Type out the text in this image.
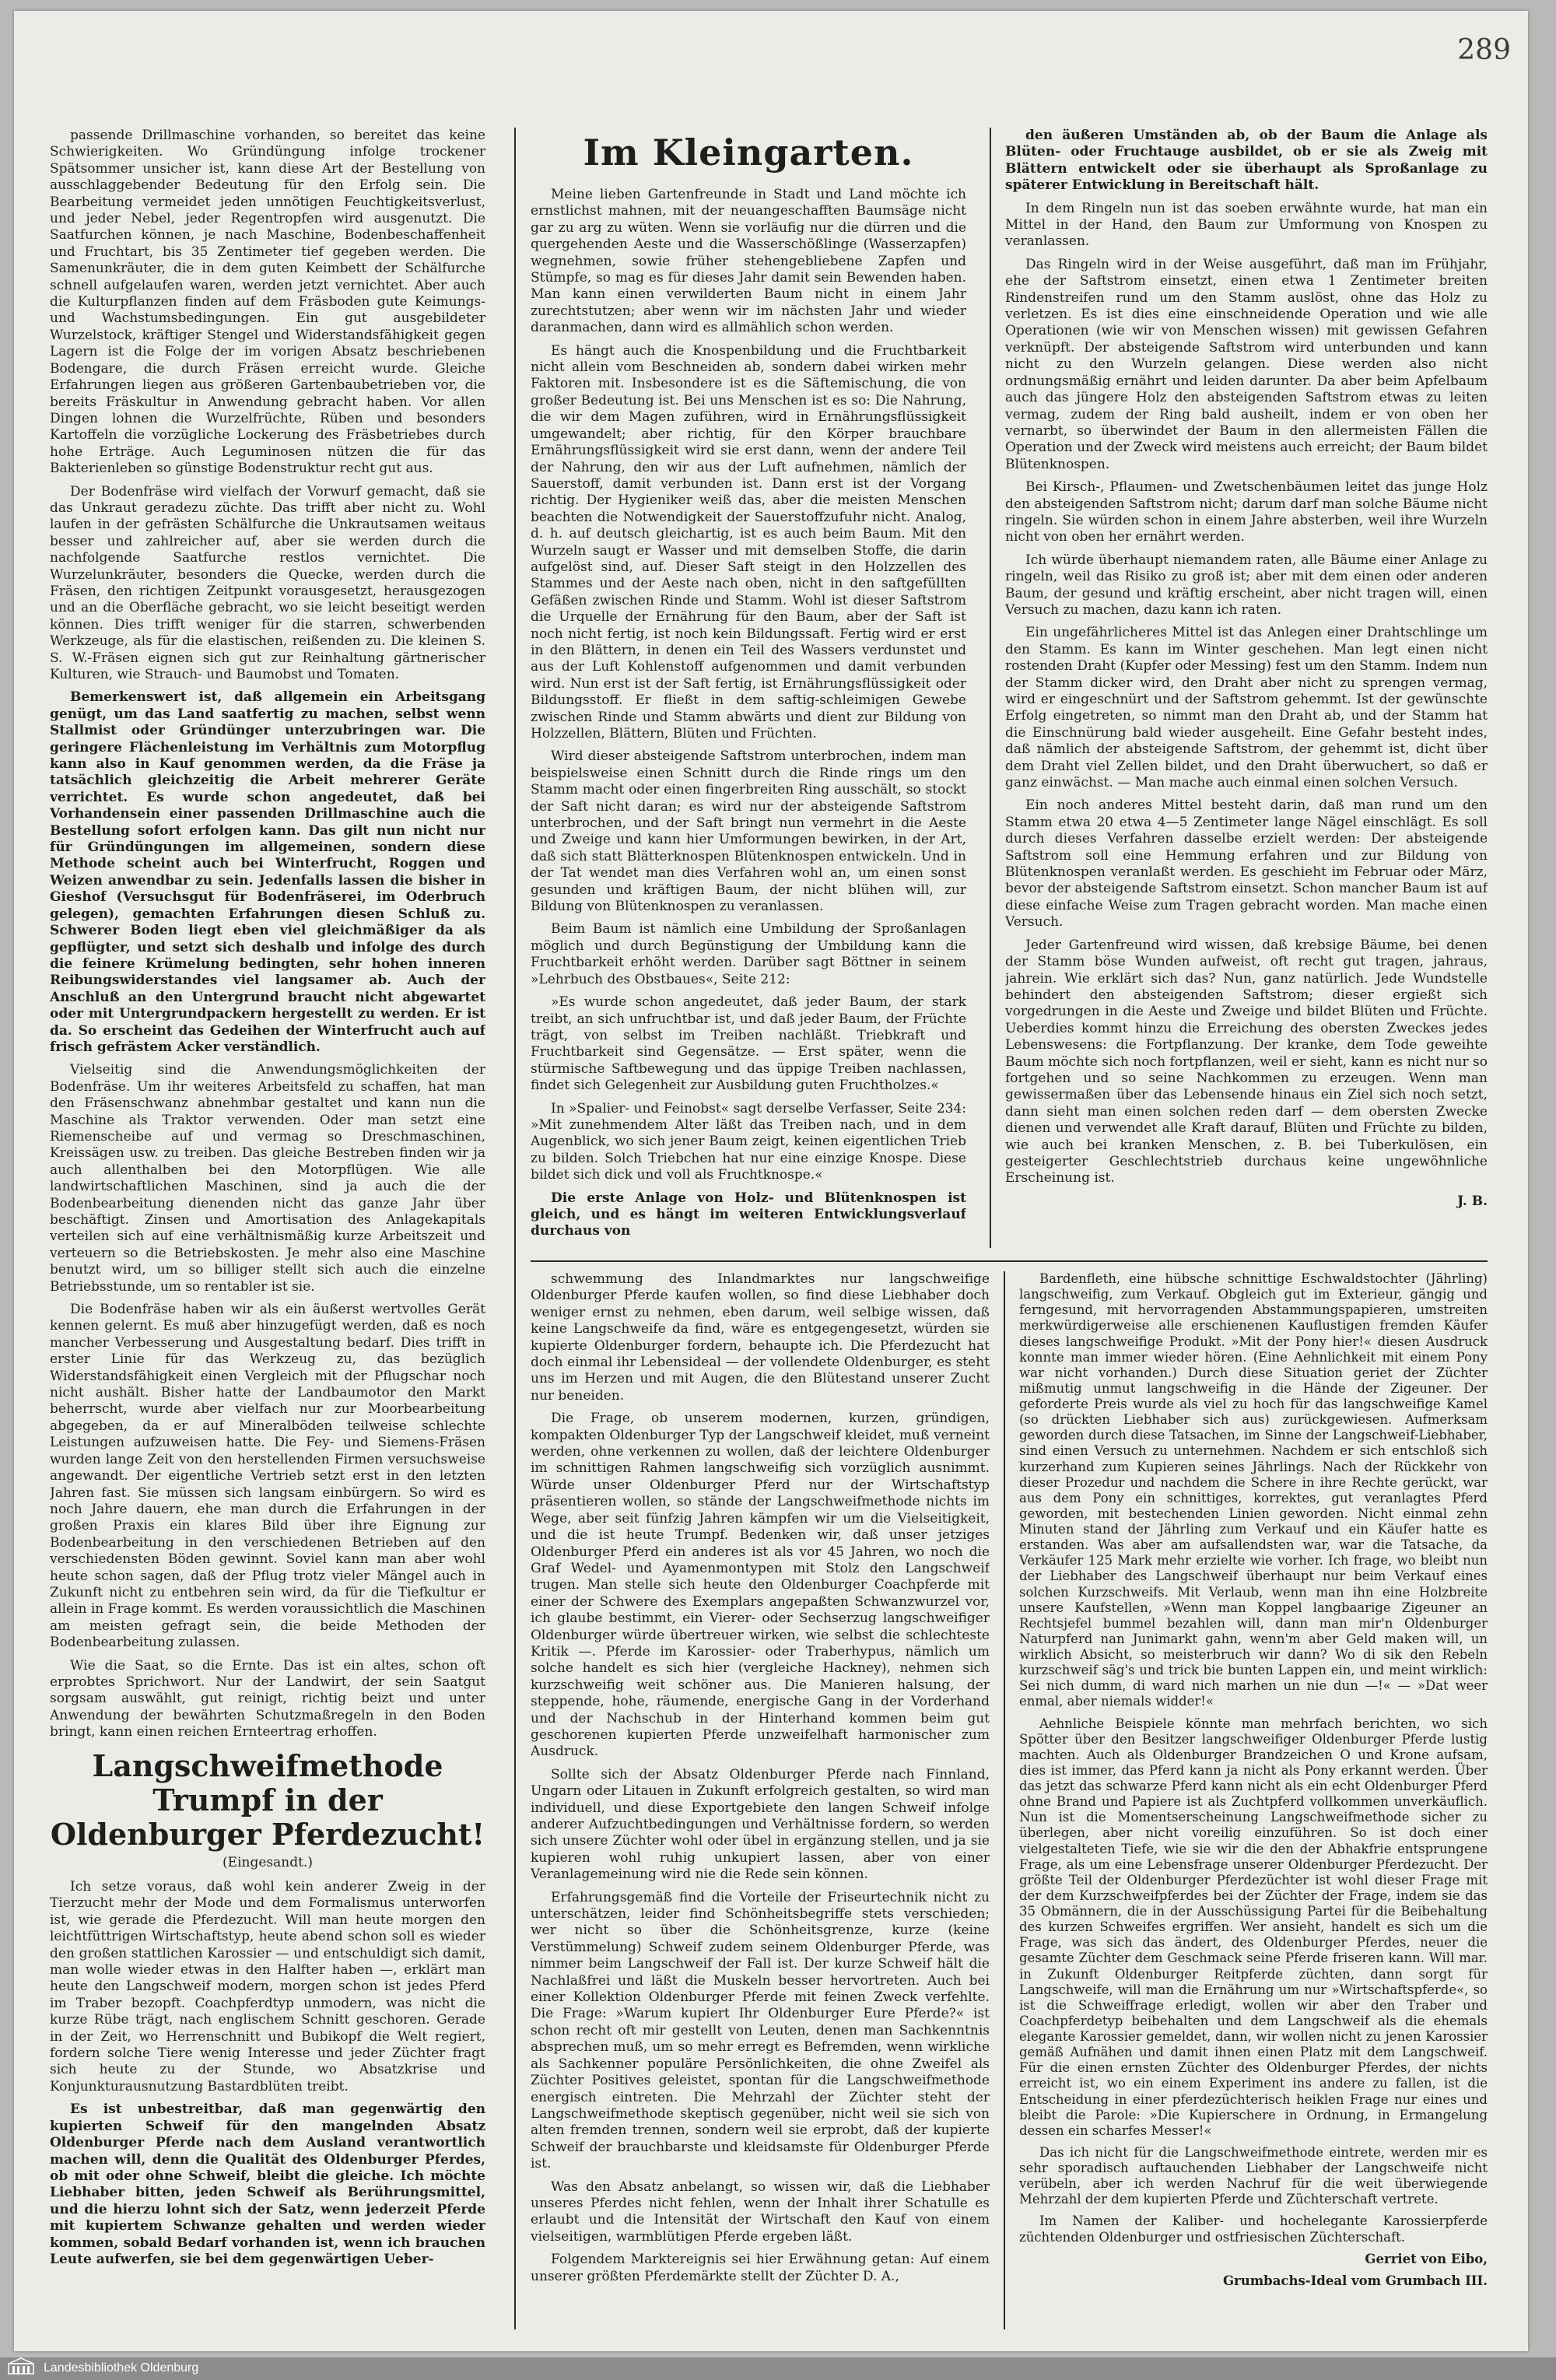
289

passende Drillmaschine vorhanden, so bereitet das keine Schwierigkeiten. Wo Gründüngung infolge trockener Spätsommer unsicher ist, kann diese Art der Bestellung von ausschlaggebender Bedeutung für den Erfolg sein. Die Bearbeitung vermeidet jeden unnötigen Feuchtigkeitsverlust, und jeder Nebel, jeder Regentropfen wird ausgenutzt. Die Saatfurchen können, je nach Maschine, Bodenbeschaffenheit und Fruchtart, bis 35 Zentimeter tief gegeben werden. Die Samenunkräuter, die in dem guten Keimbett der Schälfurche schnell aufgelaufen waren, werden jetzt vernichtet. Aber auch die Kulturpflanzen finden auf dem Fräsboden gute Keimungs- und Wachstumsbedingungen. Ein gut ausgebildeter Wurzelstock, kräftiger Stengel und Widerstandsfähigkeit gegen Lagern ist die Folge der im vorigen Absatz beschriebenen Bodengare, die durch Fräsen erreicht wurde. Gleiche Erfahrungen liegen aus größeren Gartenbaubetrieben vor, die bereits Fräskultur in Anwendung gebracht haben. Vor allen Dingen lohnen die Wurzelfrüchte, Rüben und besonders Kartoffeln die vorzügliche Lockerung des Fräsbetriebes durch hohe Erträge. Auch Leguminosen nützen die für das Bakterienleben so günstige Bodenstruktur recht gut aus.

Der Bodenfräse wird vielfach der Vorwurf gemacht, daß sie das Unkraut geradezu züchte. Das trifft aber nicht zu. Wohl laufen in der gefrästen Schälfurche die Unkrautsamen weitaus besser und zahlreicher auf, aber sie werden durch die nachfolgende Saatfurche restlos vernichtet. Die Wurzelunkräuter, besonders die Quecke, werden durch die Fräsen, den richtigen Zeitpunkt vorausgesetzt, herausgezogen und an die Oberfläche gebracht, wo sie leicht beseitigt werden können. Dies trifft weniger für die starren, schwerbenden Werkzeuge, als für die elastischen, reißenden zu. Die kleinen S. S. W.-Fräsen eignen sich gut zur Reinhaltung gärtnerischer Kulturen, wie Strauch- und Baumobst und Tomaten.

Bemerkenswert ist, daß allgemein ein Arbeitsgang genügt, um das Land saatfertig zu machen, selbst wenn Stallmist oder Gründünger unterzubringen war. Die geringere Flächenleistung im Verhältnis zum Motorpflug kann also in Kauf genommen werden, da die Fräse ja tatsächlich gleichzeitig die Arbeit mehrerer Geräte verrichtet. Es wurde schon angedeutet, daß bei Vorhandensein einer passenden Drillmaschine auch die Bestellung sofort erfolgen kann. Das gilt nun nicht nur für Gründüngungen im allgemeinen, sondern diese Methode scheint auch bei Winterfrucht, Roggen und Weizen anwendbar zu sein. Jedenfalls lassen die bisher in Gieshof (Versuchsgut für Bodenfräserei, im Oderbruch gelegen), gemachten Erfahrungen diesen Schluß zu. Schwerer Boden liegt eben viel gleichmäßiger da als gepflügter, und setzt sich deshalb und infolge des durch die feinere Krümelung bedingten, sehr hohen inneren Reibungswiderstandes viel langsamer ab. Auch der Anschluß an den Untergrund braucht nicht abgewartet oder mit Untergrundpackern hergestellt zu werden. Er ist da. So erscheint das Gedeihen der Winterfrucht auch auf frisch gefrästem Acker verständlich.

Vielseitig sind die Anwendungsmöglichkeiten der Bodenfräse. Um ihr weiteres Arbeitsfeld zu schaffen, hat man den Fräsenschwanz abnehmbar gestaltet und kann nun die Maschine als Traktor verwenden. Oder man setzt eine Riemenscheibe auf und vermag so Dreschmaschinen, Kreissägen usw. zu treiben. Das gleiche Bestreben finden wir ja auch allenthalben bei den Motorpflügen. Wie alle landwirtschaftlichen Maschinen, sind ja auch die der Bodenbearbeitung dienenden nicht das ganze Jahr über beschäftigt. Zinsen und Amortisation des Anlagekapitals verteilen sich auf eine verhältnismäßig kurze Arbeitszeit und verteuern so die Betriebskosten. Je mehr also eine Maschine benutzt wird, um so billiger stellt sich auch die einzelne Betriebsstunde, um so rentabler ist sie.

Die Bodenfräse haben wir als ein äußerst wertvolles Gerät kennen gelernt. Es muß aber hinzugefügt werden, daß es noch mancher Verbesserung und Ausgestaltung bedarf. Dies trifft in erster Linie für das Werkzeug zu, das bezüglich Widerstandsfähigkeit einen Vergleich mit der Pflugschar noch nicht aushält. Bisher hatte der Landbaumotor den Markt beherrscht, wurde aber vielfach nur zur Moorbearbeitung abgegeben, da er auf Mineralböden teilweise schlechte Leistungen aufzuweisen hatte. Die Fey- und Siemens-Fräsen wurden lange Zeit von den herstellenden Firmen versuchsweise angewandt. Der eigentliche Vertrieb setzt erst in den letzten Jahren fast. Sie müssen sich langsam einbürgern. So wird es noch Jahre dauern, ehe man durch die Erfahrungen in der großen Praxis ein klares Bild über ihre Eignung zur Bodenbearbeitung in den verschiedenen Betrieben auf den verschiedensten Böden gewinnt. Soviel kann man aber wohl heute schon sagen, daß der Pflug trotz vieler Mängel auch in Zukunft nicht zu entbehren sein wird, da für die Tiefkultur er allein in Frage kommt. Es werden voraussichtlich die Maschinen am meisten gefragt sein, die beide Methoden der Bodenbearbeitung zulassen.

Wie die Saat, so die Ernte. Das ist ein altes, schon oft erprobtes Sprichwort. Nur der Landwirt, der sein Saatgut sorgsam auswählt, gut reinigt, richtig beizt und unter Anwendung der bewährten Schutzmaßregeln in den Boden bringt, kann einen reichen Ernteertrag erhoffen.

Langschweifmethode Trumpf in der Oldenburger Pferdezucht!
(Eingesandt.)

Ich setze voraus, daß wohl kein anderer Zweig in der Tierzucht mehr der Mode und dem Formalismus unterworfen ist, wie gerade die Pferdezucht. Will man heute morgen den leichtfüttrigen Wirtschaftstyp, heute abend schon soll es wieder den großen stattlichen Karossier — und entschuldigt sich damit, man wolle wieder etwas in den Halfter haben —, erklärt man heute den Langschweif modern, morgen schon ist jedes Pferd im Traber bezopft. Coachpferdtyp unmodern, was nicht die kurze Rübe trägt, nach englischem Schnitt geschoren. Gerade in der Zeit, wo Herrenschnitt und Bubikopf die Welt regiert, fordern solche Tiere wenig Interesse und jeder Züchter fragt sich heute zu der Stunde, wo Absatzkrise und Konjunkturausnutzung Bastardblüten treibt.

Es ist unbestreitbar, daß man gegenwärtig den kupierten Schweif für den mangelnden Absatz Oldenburger Pferde nach dem Ausland verantwortlich machen will, denn die Qualität des Oldenburger Pferdes, ob mit oder ohne Schweif, bleibt die gleiche. Ich möchte Liebhaber bitten, jeden Schweif als Berührungsmittel, und die hierzu lohnt sich der Satz, wenn jederzeit Pferde mit kupiertem Schwanze gehalten und werden wieder kommen, sobald Bedarf vorhanden ist, wenn ich brauchen Leute aufwerfen, sie bei dem gegenwärtigen Ueber-

Im Kleingarten.

Meine lieben Gartenfreunde in Stadt und Land möchte ich ernstlichst mahnen, mit der neuangeschafften Baumsäge nicht gar zu arg zu wüten. Wenn sie vorläufig nur die dürren und die quergehenden Aeste und die Wasserschößlinge (Wasserzapfen) wegnehmen, sowie früher stehengebliebene Zapfen und Stümpfe, so mag es für dieses Jahr damit sein Bewenden haben. Man kann einen verwilderten Baum nicht in einem Jahr zurechtstutzen; aber wenn wir im nächsten Jahr und wieder daranmachen, dann wird es allmählich schon werden.

Es hängt auch die Knospenbildung und die Fruchtbarkeit nicht allein vom Beschneiden ab, sondern dabei wirken mehr Faktoren mit. Insbesondere ist es die Säftemischung, die von großer Bedeutung ist. Bei uns Menschen ist es so: Die Nahrung, die wir dem Magen zuführen, wird in Ernährungsflüssigkeit umgewandelt; aber richtig, für den Körper brauchbare Ernährungsflüssigkeit wird sie erst dann, wenn der andere Teil der Nahrung, den wir aus der Luft aufnehmen, nämlich der Sauerstoff, damit verbunden ist. Dann erst ist der Vorgang richtig. Der Hygieniker weiß das, aber die meisten Menschen beachten die Notwendigkeit der Sauerstoffzufuhr nicht. Analog, d. h. auf deutsch gleichartig, ist es auch beim Baum. Mit den Wurzeln saugt er Wasser und mit demselben Stoffe, die darin aufgelöst sind, auf. Dieser Saft steigt in den Holzzellen des Stammes und der Aeste nach oben, nicht in den saftgefüllten Gefäßen zwischen Rinde und Stamm. Wohl ist dieser Saftstrom die Urquelle der Ernährung für den Baum, aber der Saft ist noch nicht fertig, ist noch kein Bildungssaft. Fertig wird er erst in den Blättern, in denen ein Teil des Wassers verdunstet und aus der Luft Kohlenstoff aufgenommen und damit verbunden wird. Nun erst ist der Saft fertig, ist Ernährungsflüssigkeit oder Bildungsstoff. Er fließt in dem saftig-schleimigen Gewebe zwischen Rinde und Stamm abwärts und dient zur Bildung von Holzzellen, Blättern, Blüten und Früchten.

Wird dieser absteigende Saftstrom unterbrochen, indem man beispielsweise einen Schnitt durch die Rinde rings um den Stamm macht oder einen fingerbreiten Ring ausschält, so stockt der Saft nicht daran; es wird nur der absteigende Saftstrom unterbrochen, und der Saft bringt nun vermehrt in die Aeste und Zweige und kann hier Umformungen bewirken, in der Art, daß sich statt Blätterknospen Blütenknospen entwickeln. Und in der Tat wendet man dies Verfahren wohl an, um einen sonst gesunden und kräftigen Baum, der nicht blühen will, zur Bildung von Blütenknospen zu veranlassen.

Beim Baum ist nämlich eine Umbildung der Sproßanlagen möglich und durch Begünstigung der Umbildung kann die Fruchtbarkeit erhöht werden. Darüber sagt Böttner in seinem »Lehrbuch des Obstbaues«, Seite 212:

»Es wurde schon angedeutet, daß jeder Baum, der stark treibt, an sich unfruchtbar ist, und daß jeder Baum, der Früchte trägt, von selbst im Treiben nachläßt. Triebkraft und Fruchtbarkeit sind Gegensätze. — Erst später, wenn die stürmische Saftbewegung und das üppige Treiben nachlassen, findet sich Gelegenheit zur Ausbildung guten Fruchtholzes.«

In »Spalier- und Feinobst« sagt derselbe Verfasser, Seite 234: »Mit zunehmendem Alter läßt das Treiben nach, und in dem Augenblick, wo sich jener Baum zeigt, keinen eigentlichen Trieb zu bilden. Solch Triebchen hat nur eine einzige Knospe. Diese bildet sich dick und voll als Fruchtknospe.«

Die erste Anlage von Holz- und Blütenknospen ist gleich, und es hängt im weiteren Entwicklungsverlauf durchaus von

den äußeren Umständen ab, ob der Baum die Anlage als Blüten- oder Fruchtauge ausbildet, ob er sie als Zweig mit Blättern entwickelt oder sie überhaupt als Sproßanlage zu späterer Entwicklung in Bereitschaft hält.

In dem Ringeln nun ist das soeben erwähnte wurde, hat man ein Mittel in der Hand, den Baum zur Umformung von Knospen zu veranlassen.

Das Ringeln wird in der Weise ausgeführt, daß man im Frühjahr, ehe der Saftstrom einsetzt, einen etwa 1 Zentimeter breiten Rindenstreifen rund um den Stamm auslöst, ohne das Holz zu verletzen. Es ist dies eine einschneidende Operation und wie alle Operationen (wie wir von Menschen wissen) mit gewissen Gefahren verknüpft. Der absteigende Saftstrom wird unterbunden und kann nicht zu den Wurzeln gelangen. Diese werden also nicht ordnungsmäßig ernährt und leiden darunter. Da aber beim Apfelbaum auch das jüngere Holz den absteigenden Saftstrom etwas zu leiten vermag, zudem der Ring bald ausheilt, indem er von oben her vernarbt, so überwindet der Baum in den allermeisten Fällen die Operation und der Zweck wird meistens auch erreicht; der Baum bildet Blütenknospen.

Bei Kirsch-, Pflaumen- und Zwetschenbäumen leitet das junge Holz den absteigenden Saftstrom nicht; darum darf man solche Bäume nicht ringeln. Sie würden schon in einem Jahre absterben, weil ihre Wurzeln nicht von oben her ernährt werden.

Ich würde überhaupt niemandem raten, alle Bäume einer Anlage zu ringeln, weil das Risiko zu groß ist; aber mit dem einen oder anderen Baum, der gesund und kräftig erscheint, aber nicht tragen will, einen Versuch zu machen, dazu kann ich raten.

Ein ungefährlicheres Mittel ist das Anlegen einer Drahtschlinge um den Stamm. Es kann im Winter geschehen. Man legt einen nicht rostenden Draht (Kupfer oder Messing) fest um den Stamm. Indem nun der Stamm dicker wird, den Draht aber nicht zu sprengen vermag, wird er eingeschnürt und der Saftstrom gehemmt. Ist der gewünschte Erfolg eingetreten, so nimmt man den Draht ab, und der Stamm hat die Einschnürung bald wieder ausgeheilt. Eine Gefahr besteht indes, daß nämlich der absteigende Saftstrom, der gehemmt ist, dicht über dem Draht viel Zellen bildet, und den Draht überwuchert, so daß er ganz einwächst. — Man mache auch einmal einen solchen Versuch.

Ein noch anderes Mittel besteht darin, daß man rund um den Stamm etwa 20 etwa 4—5 Zentimeter lange Nägel einschlägt. Es soll durch dieses Verfahren dasselbe erzielt werden: Der absteigende Saftstrom soll eine Hemmung erfahren und zur Bildung von Blütenknospen veranlaßt werden. Es geschieht im Februar oder März, bevor der absteigende Saftstrom einsetzt. Schon mancher Baum ist auf diese einfache Weise zum Tragen gebracht worden. Man mache einen Versuch.

Jeder Gartenfreund wird wissen, daß krebsige Bäume, bei denen der Stamm böse Wunden aufweist, oft recht gut tragen, jahraus, jahrein. Wie erklärt sich das? Nun, ganz natürlich. Jede Wundstelle behindert den absteigenden Saftstrom; dieser ergießt sich vorgedrungen in die Aeste und Zweige und bildet Blüten und Früchte. Ueberdies kommt hinzu die Erreichung des obersten Zweckes jedes Lebenswesens: die Fortpflanzung. Der kranke, dem Tode geweihte Baum möchte sich noch fortpflanzen, weil er sieht, kann es nicht nur so fortgehen und so seine Nachkommen zu erzeugen. Wenn man gewissermaßen über das Lebensende hinaus ein Ziel sich noch setzt, dann sieht man einen solchen reden darf — dem obersten Zwecke dienen und verwendet alle Kraft darauf, Blüten und Früchte zu bilden, wie auch bei kranken Menschen, z. B. bei Tuberkulösen, ein gesteigerter Geschlechtstrieb durchaus keine ungewöhnliche Erscheinung ist.

J. B.

schwemmung des Inlandmarktes nur langschweifige Oldenburger Pferde kaufen wollen, so find diese Liebhaber doch weniger ernst zu nehmen, eben darum, weil selbige wissen, daß keine Langschweife da find, wäre es entgegengesetzt, würden sie kupierte Oldenburger fordern, behaupte ich. Die Pferdezucht hat doch einmal ihr Lebensideal — der vollendete Oldenburger, es steht uns im Herzen und mit Augen, die den Blütestand unserer Zucht nur beneiden.

Die Frage, ob unserem modernen, kurzen, gründigen, kompakten Oldenburger Typ der Langschweif kleidet, muß verneint werden, ohne verkennen zu wollen, daß der leichtere Oldenburger im schnittigen Rahmen langschweifig sich vorzüglich ausnimmt. Würde unser Oldenburger Pferd nur der Wirtschaftstyp präsentieren wollen, so stände der Langschweifmethode nichts im Wege, aber seit fünfzig Jahren kämpfen wir um die Vielseitigkeit, und die ist heute Trumpf. Bedenken wir, daß unser jetziges Oldenburger Pferd ein anderes ist als vor 45 Jahren, wo noch die Graf Wedel- und Ayamenmontypen mit Stolz den Langschweif trugen. Man stelle sich heute den Oldenburger Coachpferde mit einer der Schwere des Exemplars angepaßten Schwanzwurzel vor, ich glaube bestimmt, ein Vierer- oder Sechserzug langschweifiger Oldenburger würde übertreuer wirken, wie selbst die schlechteste Kritik —. Pferde im Karossier- oder Traberhypus, nämlich um solche handelt es sich hier (vergleiche Hackney), nehmen sich kurzschweifig weit schöner aus. Die Manieren halsung, der steppende, hohe, räumende, energische Gang in der Vorderhand und der Nachschub in der Hinterhand kommen beim gut geschorenen kupierten Pferde unzweifelhaft harmonischer zum Ausdruck.

Sollte sich der Absatz Oldenburger Pferde nach Finnland, Ungarn oder Litauen in Zukunft erfolgreich gestalten, so wird man individuell, und diese Exportgebiete den langen Schweif infolge anderer Aufzuchtbedingungen und Verhältnisse fordern, so werden sich unsere Züchter wohl oder übel in ergänzung stellen, und ja sie kupieren wohl ruhig unkupiert lassen, aber von einer Veranlagemeinung wird nie die Rede sein können.

Erfahrungsgemäß find die Vorteile der Friseurtechnik nicht zu unterschätzen, leider find Schönheitsbegriffe stets verschieden; wer nicht so über die Schönheitsgrenze, kurze (keine Verstümmelung) Schweif zudem seinem Oldenburger Pferde, was nimmer beim Langschweif der Fall ist. Der kurze Schweif hält die Nachlaßfrei und läßt die Muskeln besser hervortreten. Auch bei einer Kollektion Oldenburger Pferde mit feinen Zweck verfehlte. Die Frage: »Warum kupiert Ihr Oldenburger Eure Pferde?« ist schon recht oft mir gestellt von Leuten, denen man Sachkenntnis absprechen muß, um so mehr erregt es Befremden, wenn wirkliche als Sachkenner populäre Persönlichkeiten, die ohne Zweifel als Züchter Positives geleistet, spontan für die Langschweifmethode energisch eintreten. Die Mehrzahl der Züchter steht der Langschweifmethode skeptisch gegenüber, nicht weil sie sich von alten fremden trennen, sondern weil sie erprobt, daß der kupierte Schweif der brauchbarste und kleidsamste für Oldenburger Pferde ist.

Was den Absatz anbelangt, so wissen wir, daß die Liebhaber unseres Pferdes nicht fehlen, wenn der Inhalt ihrer Schatulle es erlaubt und die Intensität der Wirtschaft den Kauf von einem vielseitigen, warmblütigen Pferde ergeben läßt.

Folgendem Marktereignis sei hier Erwähnung getan: Auf einem unserer größten Pferdemärkte stellt der Züchter D. A.,

Bardenfleth, eine hübsche schnittige Eschwaldstochter (Jährling) langschweifig, zum Verkauf. Obgleich gut im Exterieur, gängig und ferngesund, mit hervorragenden Abstammungspapieren, umstreiten merkwürdigerweise alle erschienenen Kauflustigen fremden Käufer dieses langschweifige Produkt. »Mit der Pony hier!« diesen Ausdruck konnte man immer wieder hören. (Eine Aehnlichkeit mit einem Pony war nicht vorhanden.) Durch diese Situation geriet der Züchter mißmutig unmut langschweifig in die Hände der Zigeuner. Der geforderte Preis wurde als viel zu hoch für das langschweifige Kamel (so drückten Liebhaber sich aus) zurückgewiesen. Aufmerksam geworden durch diese Tatsachen, im Sinne der Langschweif-Liebhaber, sind einen Versuch zu unternehmen. Nachdem er sich entschloß sich kurzerhand zum Kupieren seines Jährlings. Nach der Rückkehr von dieser Prozedur und nachdem die Schere in ihre Rechte gerückt, war aus dem Pony ein schnittiges, korrektes, gut veranlagtes Pferd geworden, mit bestechenden Linien geworden. Nicht einmal zehn Minuten stand der Jährling zum Verkauf und ein Käufer hatte es erstanden. Was aber am aufsallendsten war, war die Tatsache, da Verkäufer 125 Mark mehr erzielte wie vorher. Ich frage, wo bleibt nun der Liebhaber des Langschweif überhaupt nur beim Verkauf eines solchen Kurzschweifs. Mit Verlaub, wenn man ihn eine Holzbreite unsere Kaufstellen, »Wenn man Koppel langbaarige Zigeuner an Rechtsjefel bummel bezahlen will, dann man mir'n Oldenburger Naturpferd nan Junimarkt gahn, wenn'm aber Geld maken will, un wirklich Absicht, so meisterbruch wir dann? Wo di sik den Rebeln kurzschweif säg's und trick bie bunten Lappen ein, und meint wirklich: Sei nich dumm, di ward nich marhen un nie dun —!« — »Dat weer enmal, aber niemals widder!«

Aehnliche Beispiele könnte man mehrfach berichten, wo sich Spötter über den Besitzer langschweifiger Oldenburger Pferde lustig machten. Auch als Oldenburger Brandzeichen O und Krone aufsam, dies ist immer, das Pferd kann ja nicht als Pony erkannt werden. Über das jetzt das schwarze Pferd kann nicht als ein echt Oldenburger Pferd ohne Brand und Papiere ist als Zuchtpferd vollkommen unverkäuflich. Nun ist die Momentserscheinung Langschweifmethode sicher zu überlegen, aber nicht voreilig einzuführen. So ist doch einer vielgestalteten Tiefe, wie sie wir die den der Abhakfrie entsprungene Frage, als um eine Lebensfrage unserer Oldenburger Pferdezucht. Der größte Teil der Oldenburger Pferdezüchter ist wohl dieser Frage mit der dem Kurzschweifpferdes bei der Züchter der Frage, indem sie das 35 Obmännern, die in der Ausschüssigung Partei für die Beibehaltung des kurzen Schweifes ergriffen. Wer ansieht, handelt es sich um die Frage, was sich das ändert, des Oldenburger Pferdes, neuer die gesamte Züchter dem Geschmack seine Pferde friseren kann. Will mar. in Zukunft Oldenburger Reitpferde züchten, dann sorgt für Langschweife, will man die Ernährung um nur »Wirtschaftspferde«, so ist die Schweiffrage erledigt, wollen wir aber den Traber und Coachpferdetyp beibehalten und dem Langschweif als die ehemals elegante Karossier gemeldet, dann, wir wollen nicht zu jenen Karossier gemäß Aufnähen und damit ihnen einen Platz mit dem Langschweif. Für die einen ernsten Züchter des Oldenburger Pferdes, der nichts erreicht ist, wo ein einem Experiment ins andere zu fallen, ist die Entscheidung in einer pferdezüchterisch heiklen Frage nur eines und bleibt die Parole: »Die Kupierschere in Ordnung, in Ermangelung dessen ein scharfes Messer!«

Das ich nicht für die Langschweifmethode eintrete, werden mir es sehr sporadisch auftauchenden Liebhaber der Langschweife nicht verübeln, aber ich werden Nachruf für die weit überwiegende Mehrzahl der dem kupierten Pferde und Züchterschaft vertrete.

Im Namen der Kaliber- und hochelegante Karossierpferde züchtenden Oldenburger und ostfriesischen Züchterschaft.

Gerriet von Eibo,

Grumbachs-Ideal vom Grumbach III.

Landesbibliothek Oldenburg
